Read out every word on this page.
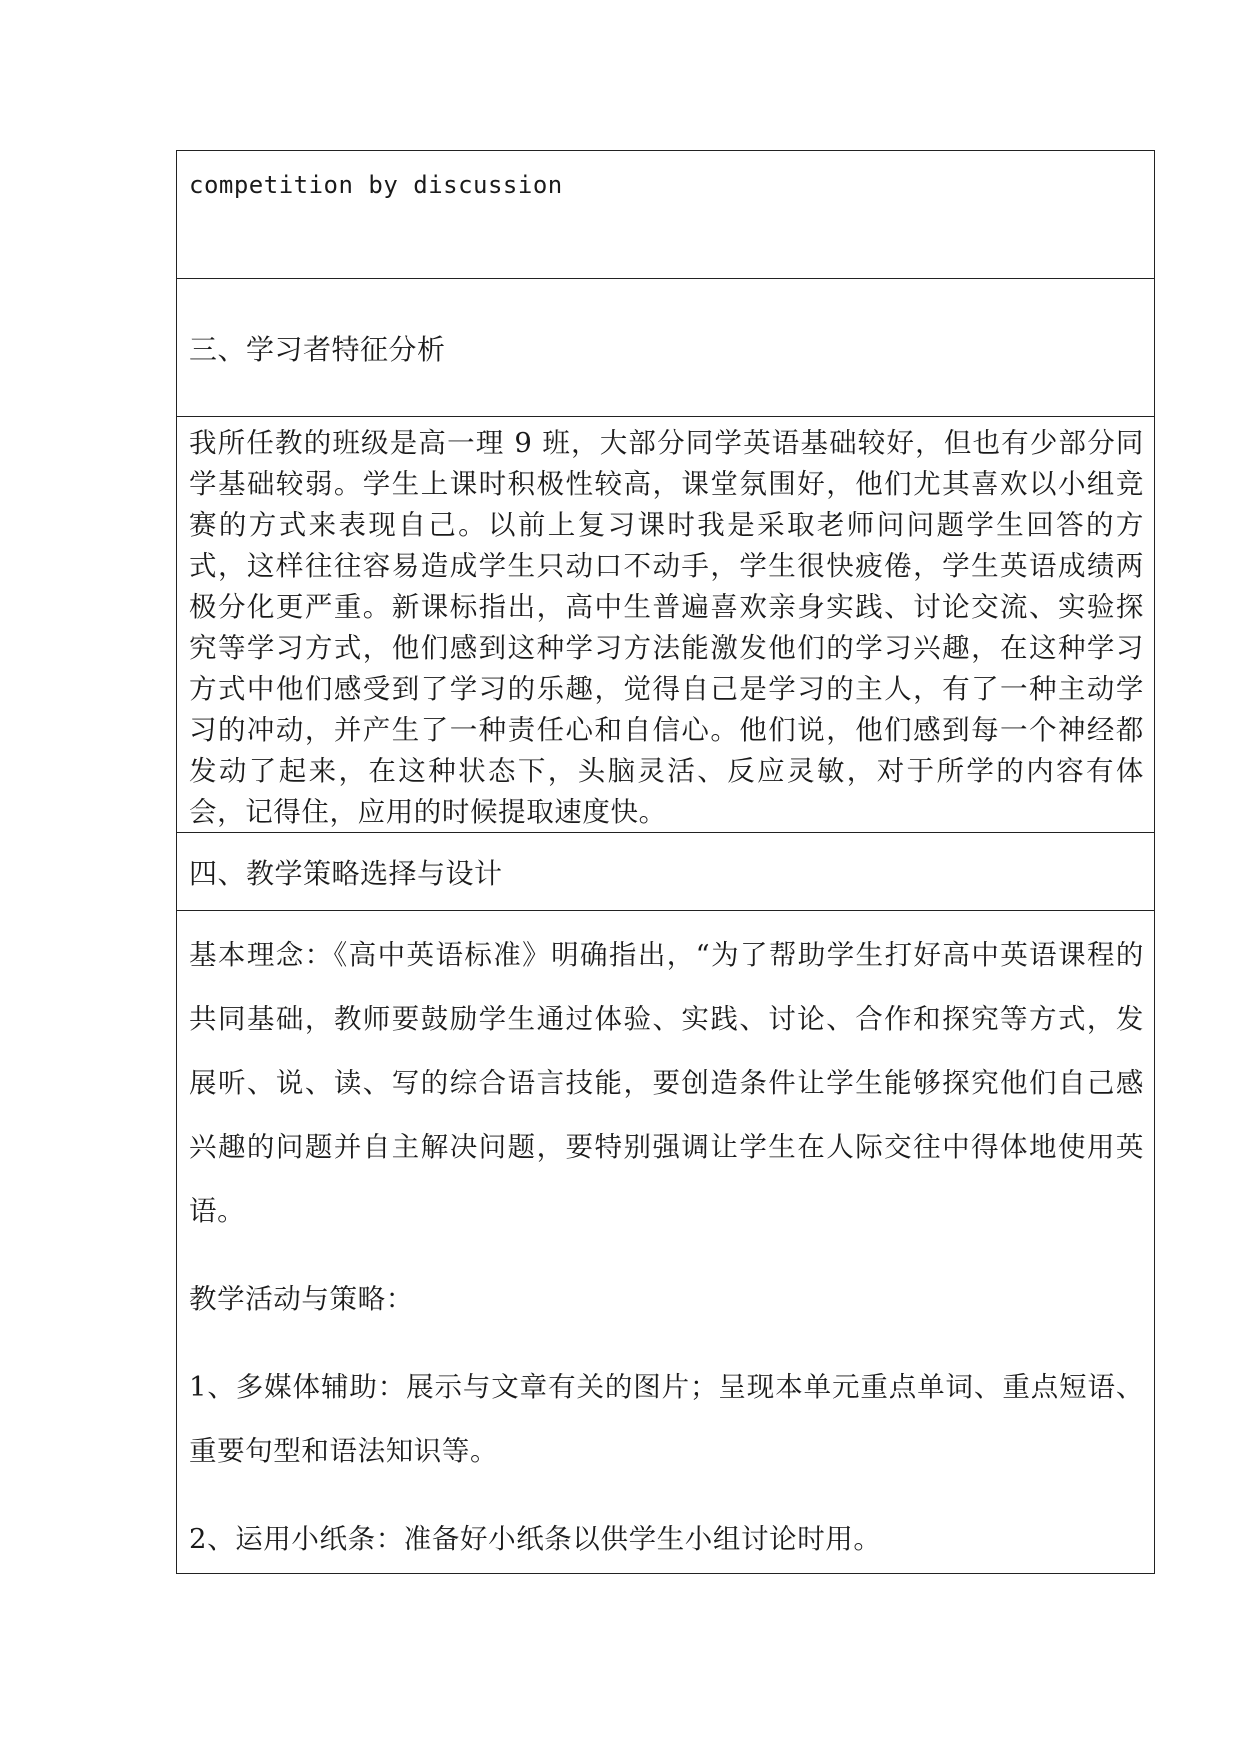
competition by discussion
三、学习者特征分析

我所任教的班级是高一理 9 班，大部分同学英语基础较好，但也有少部分同学基础较弱。学生上课时积极性较高，课堂氛围好，他们尤其喜欢以小组竞赛的方式来表现自己。以前上复习课时我是采取老师问问题学生回答的方式，这样往往容易造成学生只动口不动手，学生很快疲倦，学生英语成绩两极分化更严重。新课标指出，高中生普遍喜欢亲身实践、讨论交流、实验探究等学习方式，他们感到这种学习方法能激发他们的学习兴趣，在这种学习方式中他们感受到了学习的乐趣，觉得自己是学习的主人，有了一种主动学习的冲动，并产生了一种责任心和自信心。他们说，他们感到每一个神经都发动了起来，在这种状态下，头脑灵活、反应灵敏，对于所学的内容有体会，记得住，应用的时候提取速度快。

四、教学策略选择与设计

基本理念：《高中英语标准》明确指出，“为了帮助学生打好高中英语课程的共同基础，教师要鼓励学生通过体验、实践、讨论、合作和探究等方式，发展听、说、读、写的综合语言技能，要创造条件让学生能够探究他们自己感兴趣的问题并自主解决问题，要特别强调让学生在人际交往中得体地使用英语。

教学活动与策略：

1、多媒体辅助：展示与文章有关的图片；呈现本单元重点单词、重点短语、重要句型和语法知识等。

2、运用小纸条：准备好小纸条以供学生小组讨论时用。
